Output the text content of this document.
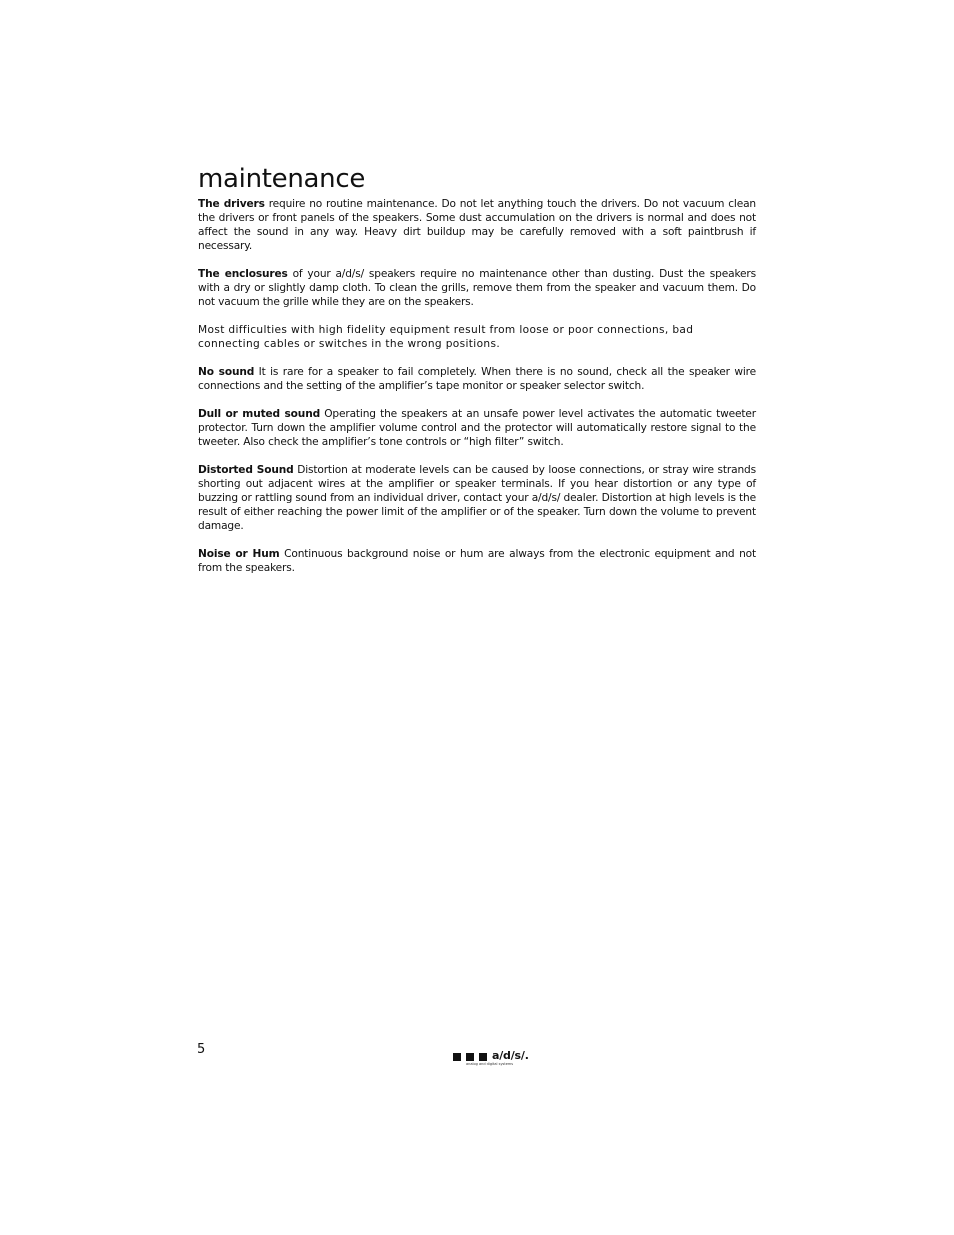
maintenance

The drivers require no routine maintenance. Do not let anything touch the drivers. Do not vacuum clean the drivers or front panels of the speakers. Some dust accumulation on the drivers is normal and does not affect the sound in any way. Heavy dirt buildup may be carefully removed with a soft paintbrush if necessary.

The enclosures of your a/d/s/ speakers require no maintenance other than dusting. Dust the speakers with a dry or slightly damp cloth. To clean the grills, remove them from the speaker and vacuum them. Do not vacuum the grille while they are on the speakers.

Most difficulties with high fidelity equipment result from loose or poor connections, bad connecting cables or switches in the wrong positions.

No sound It is rare for a speaker to fail completely. When there is no sound, check all the speaker wire connections and the setting of the amplifier’s tape monitor or speaker selector switch.

Dull or muted sound Operating the speakers at an unsafe power level activates the automatic tweeter protector. Turn down the amplifier volume control and the protector will automatically restore signal to the tweeter. Also check the amplifier’s tone controls or “high filter” switch.

Distorted Sound Distortion at moderate levels can be caused by loose connections, or stray wire strands shorting out adjacent wires at the amplifier or speaker terminals. If you hear distortion or any type of buzzing or rattling sound from an individual driver, contact your a/d/s/ dealer. Distortion at high levels is the result of either reaching the power limit of the amplifier or of the speaker. Turn down the volume to prevent damage.

Noise or Hum Continuous background noise or hum are always from the electronic equipment and not from the speakers.

5	a/d/s/.
analog and digital systems
